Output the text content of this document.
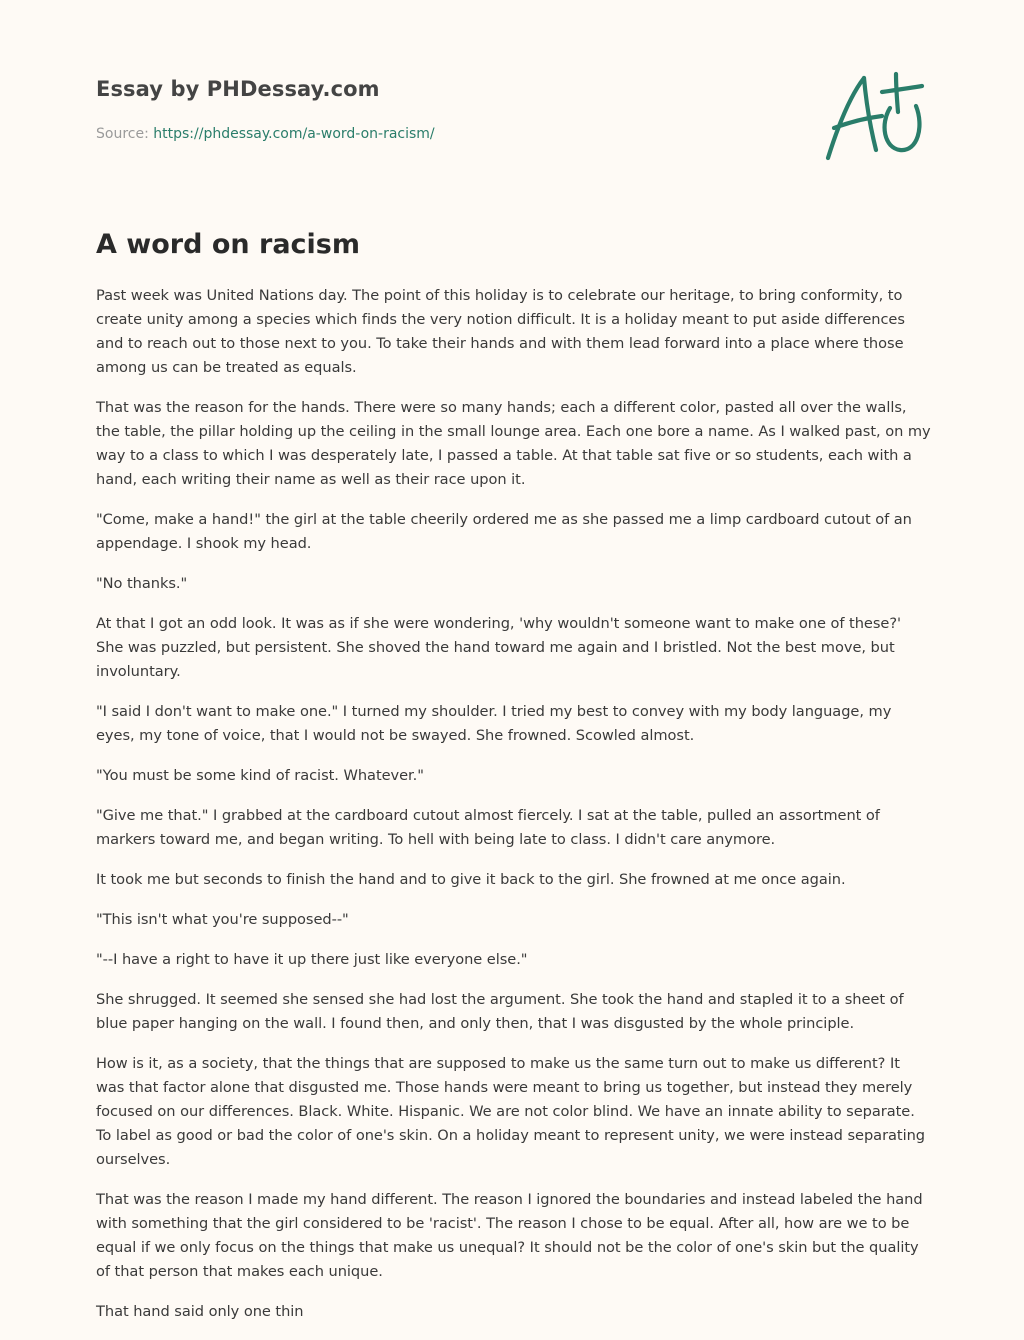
Essay by PHDessay.com
Source: https://phdessay.com/a-word-on-racism/
A word on racism

Past week was United Nations day. The point of this holiday is to celebrate our heritage, to bring conformity, to create unity among a species which finds the very notion difficult. It is a holiday meant to put aside differences and to reach out to those next to you. To take their hands and with them lead forward into a place where those among us can be treated as equals.

That was the reason for the hands. There were so many hands; each a different color, pasted all over the walls, the table, the pillar holding up the ceiling in the small lounge area. Each one bore a name. As I walked past, on my way to a class to which I was desperately late, I passed a table. At that table sat five or so students, each with a hand, each writing their name as well as their race upon it.

"Come, make a hand!" the girl at the table cheerily ordered me as she passed me a limp cardboard cutout of an appendage. I shook my head.

"No thanks."

At that I got an odd look. It was as if she were wondering, 'why wouldn't someone want to make one of these?' She was puzzled, but persistent. She shoved the hand toward me again and I bristled. Not the best move, but involuntary.

"I said I don't want to make one." I turned my shoulder. I tried my best to convey with my body language, my eyes, my tone of voice, that I would not be swayed. She frowned. Scowled almost.

"You must be some kind of racist. Whatever."

"Give me that." I grabbed at the cardboard cutout almost fiercely. I sat at the table, pulled an assortment of markers toward me, and began writing. To hell with being late to class. I didn't care anymore.

It took me but seconds to finish the hand and to give it back to the girl. She frowned at me once again.

"This isn't what you're supposed--"

"--I have a right to have it up there just like everyone else."

She shrugged. It seemed she sensed she had lost the argument. She took the hand and stapled it to a sheet of blue paper hanging on the wall. I found then, and only then, that I was disgusted by the whole principle.

How is it, as a society, that the things that are supposed to make us the same turn out to make us different? It was that factor alone that disgusted me. Those hands were meant to bring us together, but instead they merely focused on our differences. Black. White. Hispanic. We are not color blind. We have an innate ability to separate. To label as good or bad the color of one's skin. On a holiday meant to represent unity, we were instead separating ourselves.

That was the reason I made my hand different. The reason I ignored the boundaries and instead labeled the hand with something that the girl considered to be 'racist'. The reason I chose to be equal. After all, how are we to be equal if we only focus on the things that make us unequal? It should not be the color of one's skin but the quality of that person that makes each unique.

That hand said only one thin
